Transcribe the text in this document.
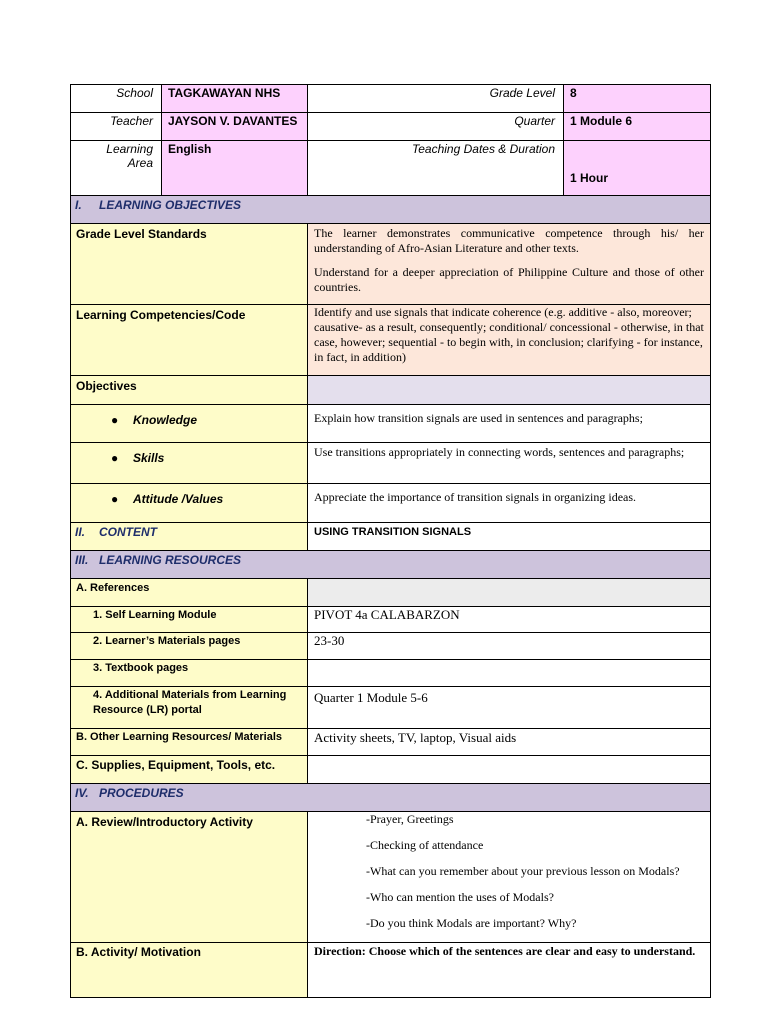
School	TAGKAWAYAN NHS	Grade Level	8
Teacher	JAYSON V. DAVANTES	Quarter	1 Module 6
Learning Area	English	Teaching Dates & Duration	1 Hour
I. LEARNING OBJECTIVES			
Grade Level Standards		The learner demonstrates communicative competence through his/ her understanding of Afro-Asian Literature and other texts.

Understand for a deeper appreciation of Philippine Culture and those of other countries.	

Learning Competencies/Code		Identify and use signals that indicate coherence (e.g. additive - also, moreover; causative- as a result, consequently; conditional/ concessional - otherwise, in that case, however; sequential - to begin with, in conclusion; clarifying - for instance, in fact, in addition)	
Objectives			
● Knowledge		Explain how transition signals are used in sentences and paragraphs;	
● Skills		Use transitions appropriately in connecting words, sentences and paragraphs;	
● Attitude /Values		Appreciate the importance of transition signals in organizing ideas.	
II. CONTENT		USING TRANSITION SIGNALS	
III. LEARNING RESOURCES			
A. References			
1. Self Learning Module		PIVOT 4a CALABARZON	
2. Learner’s Materials pages		23-30	
3. Textbook pages			
4. Additional Materials from Learning Resource (LR) portal		Quarter 1 Module 5-6	
B. Other Learning Resources/ Materials		Activity sheets, TV, laptop, Visual aids	
C. Supplies, Equipment, Tools, etc.			
IV. PROCEDURES			
A. Review/Introductory Activity		-Prayer, Greetings

-Checking of attendance

-What can you remember about your previous lesson on Modals?

-Who can mention the uses of Modals?

-Do you think Modals are important? Why?	

B. Activity/ Motivation		Direction: Choose which of the sentences are clear and easy to understand.	
